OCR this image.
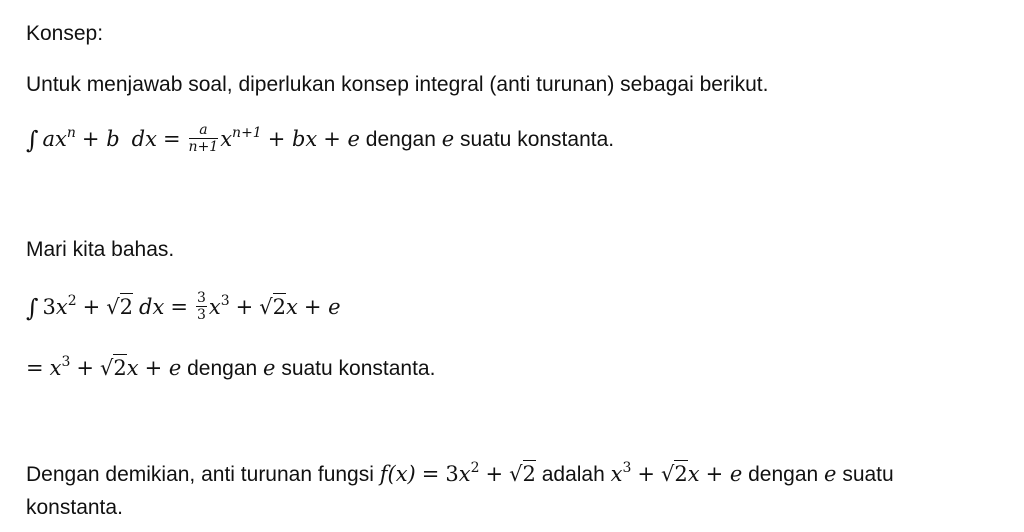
Konsep:
Untuk menjawab soal, diperlukan konsep integral (anti turunan) sebagai berikut.
∫ $ax^n + b$ dx = $\frac{a}{n+1} x^{n+1}$ + bx + e dengan e suatu konstanta.
Mari kita bahas.
∫ $3x^2 + √2$ dx = $\frac{3}{3} x^3 + √2x + e$
= $x^3 + √2x + e$ dengan e suatu konstanta.
Dengan demikian, anti turunan fungsi $f(x) = 3x^2 + √2$ adalah $x^3 + √2x + e$ dengan e suatu
konstanta.
